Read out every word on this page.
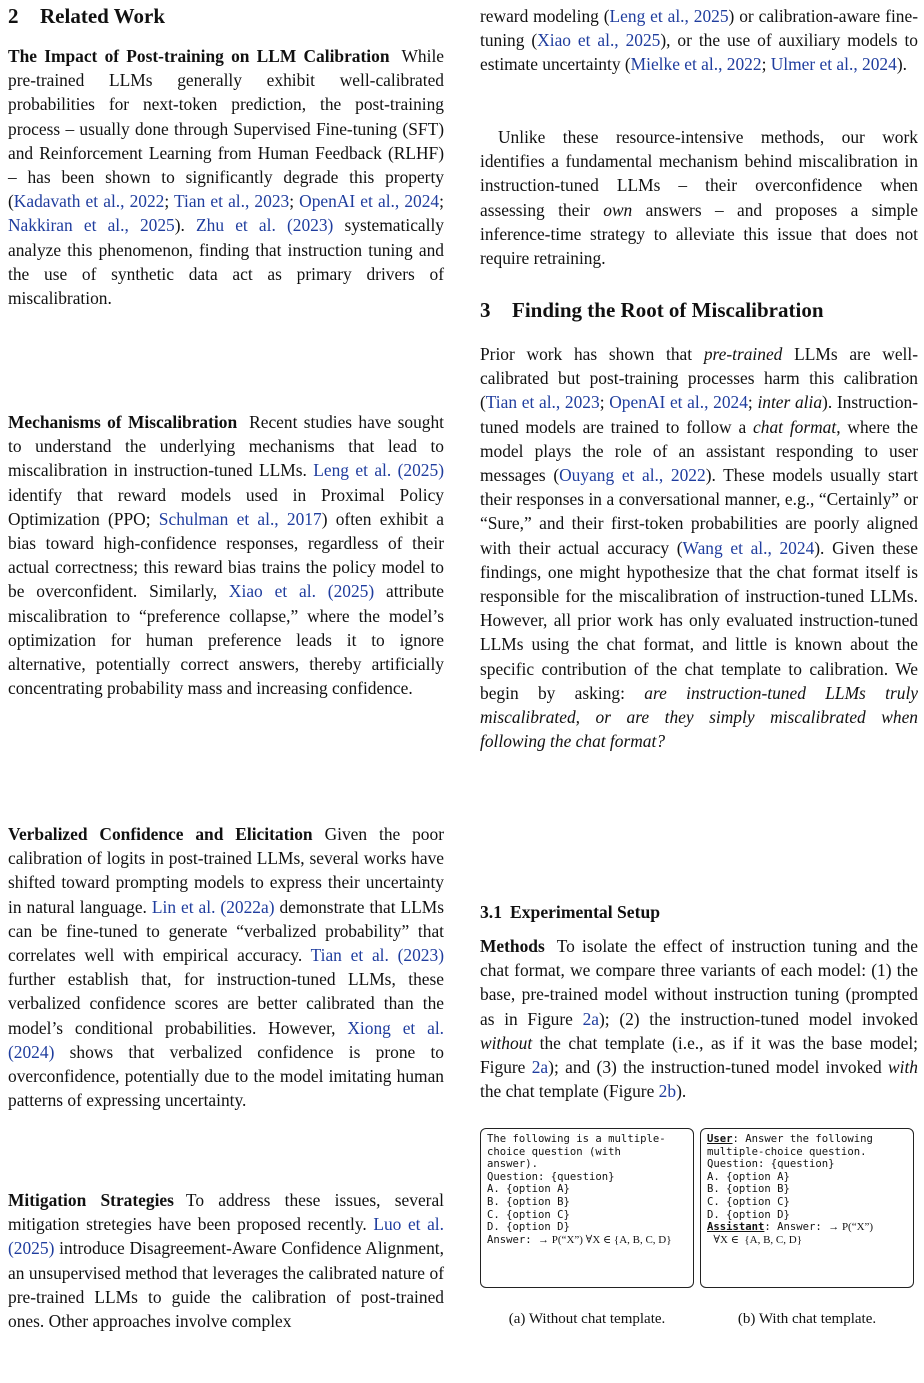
2 Related Work

The Impact of Post-training on LLM Calibration While pre-trained LLMs generally exhibit well-calibrated probabilities for next-token prediction, the post-training process – usually done through Supervised Fine-tuning (SFT) and Reinforcement Learning from Human Feedback (RLHF) – has been shown to significantly degrade this property (Kadavath et al., 2022; Tian et al., 2023; OpenAI et al., 2024; Nakkiran et al., 2025). Zhu et al. (2023) systematically analyze this phenomenon, finding that instruction tuning and the use of synthetic data act as primary drivers of miscalibration.

Mechanisms of Miscalibration Recent studies have sought to understand the underlying mechanisms that lead to miscalibration in instruction-tuned LLMs. Leng et al. (2025) identify that reward models used in Proximal Policy Optimization (PPO; Schulman et al., 2017) often exhibit a bias toward high-confidence responses, regardless of their actual correctness; this reward bias trains the policy model to be overconfident. Similarly, Xiao et al. (2025) attribute miscalibration to “preference collapse,” where the model’s optimization for human preference leads it to ignore alternative, potentially correct answers, thereby artificially concentrating probability mass and increasing confidence.

Verbalized Confidence and Elicitation Given the poor calibration of logits in post-trained LLMs, several works have shifted toward prompting models to express their uncertainty in natural language. Lin et al. (2022a) demonstrate that LLMs can be fine-tuned to generate “verbalized probability” that correlates well with empirical accuracy. Tian et al. (2023) further establish that, for instruction-tuned LLMs, these verbalized confidence scores are better calibrated than the model’s conditional probabilities. However, Xiong et al. (2024) shows that verbalized confidence is prone to overconfidence, potentially due to the model imitating human patterns of expressing uncertainty.

Mitigation Strategies To address these issues, several mitigation stretegies have been proposed recently. Luo et al. (2025) introduce Disagreement-Aware Confidence Alignment, an unsupervised method that leverages the calibrated nature of pre-trained LLMs to guide the calibration of post-trained ones. Other approaches involve complex

reward modeling (Leng et al., 2025) or calibration-aware fine-tuning (Xiao et al., 2025), or the use of auxiliary models to estimate uncertainty (Mielke et al., 2022; Ulmer et al., 2024).

Unlike these resource-intensive methods, our work identifies a fundamental mechanism behind miscalibration in instruction-tuned LLMs – their overconfidence when assessing their own answers – and proposes a simple inference-time strategy to alleviate this issue that does not require retraining.

3 Finding the Root of Miscalibration

Prior work has shown that pre-trained LLMs are well-calibrated but post-training processes harm this calibration (Tian et al., 2023; OpenAI et al., 2024; inter alia). Instruction-tuned models are trained to follow a chat format, where the model plays the role of an assistant responding to user messages (Ouyang et al., 2022). These models usually start their responses in a conversational manner, e.g., “Certainly” or “Sure,” and their first-token probabilities are poorly aligned with their actual accuracy (Wang et al., 2024). Given these findings, one might hypothesize that the chat format itself is responsible for the miscalibration of instruction-tuned LLMs. However, all prior work has only evaluated instruction-tuned LLMs using the chat format, and little is known about the specific contribution of the chat template to calibration. We begin by asking: are instruction-tuned LLMs truly miscalibrated, or are they simply miscalibrated when following the chat format?

3.1 Experimental Setup

Methods To isolate the effect of instruction tuning and the chat format, we compare three variants of each model: (1) the base, pre-trained model without instruction tuning (prompted as in Figure 2a); (2) the instruction-tuned model invoked without the chat template (i.e., as if it was the base model; Figure 2a); and (3) the instruction-tuned model invoked with the chat template (Figure 2b).

The following is a multiple-
choice question (with
answer).
Question: {question}
A. {option A}
B. {option B}
C. {option C}
D. {option D}
Answer: → P(“X”) ∀X ∈ {A, B, C, D}
(a) Without chat template.
User: Answer the following
multiple-choice question.
Question: {question}
A. {option A}
B. {option B}
C. {option C}
D. {option D}
Assistant: Answer: → P(“X”)
∀X ∈  {A, B, C, D}
(b) With chat template.
